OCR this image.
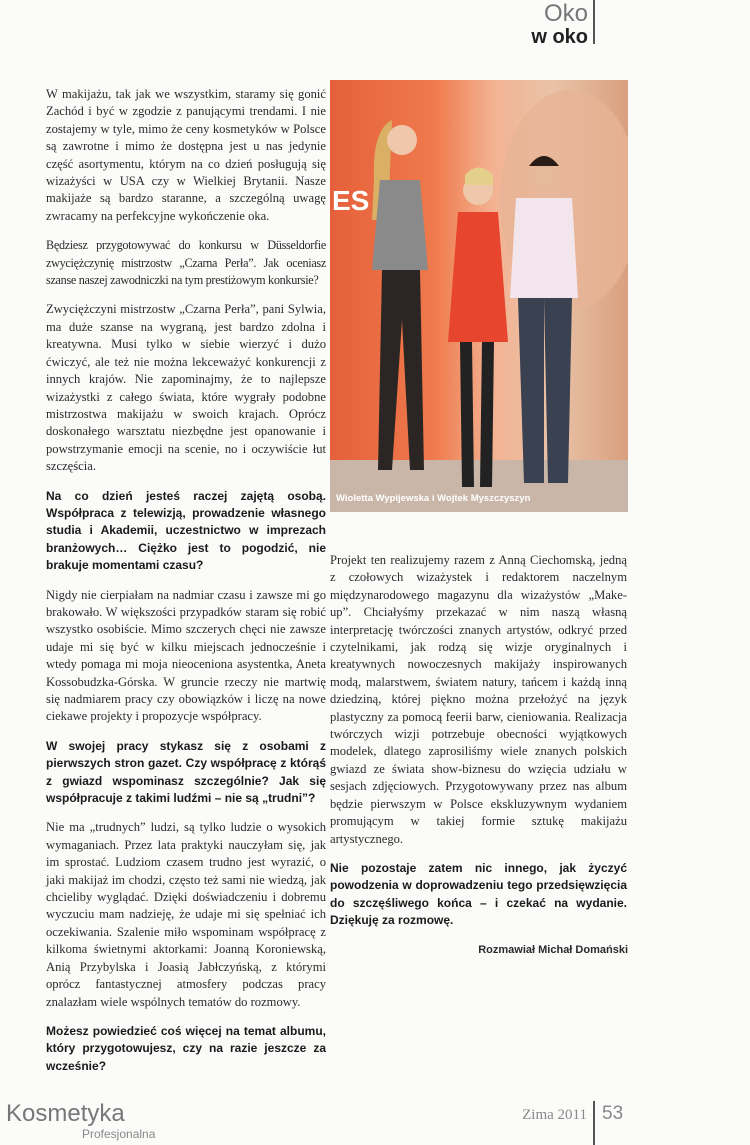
Oko
w oko

W makijażu, tak jak we wszystkim, staramy się gonić Zachód i być w zgodzie z panującymi trendami. I nie zostajemy w tyle, mimo że ceny kosmetyków w Polsce są zawrotne i mimo że dostępna jest u nas jedynie część asortymentu, którym na co dzień posługują się wizażyści w USA czy w Wielkiej Brytanii. Nasze makijaże są bardzo staranne, a szczególną uwagę zwracamy na perfekcyjne wykończenie oka.

Będziesz przygotowywać do konkursu w Düsseldorfie zwyciężczynię mistrzostw „Czarna Perła”. Jak oceniasz szanse naszej zawodniczki na tym prestiżowym konkursie?

Zwyciężczyni mistrzostw „Czarna Perła”, pani Sylwia, ma duże szanse na wygraną, jest bardzo zdolna i kreatywna. Musi tylko w siebie wierzyć i dużo ćwiczyć, ale też nie można lekceważyć konkurencji z innych krajów. Nie zapominajmy, że to najlepsze wizażystki z całego świata, które wygrały podobne mistrzostwa makijażu w swoich krajach. Oprócz doskonałego warsztatu niezbędne jest opanowanie i powstrzymanie emocji na scenie, no i oczywiście łut szczęścia.

Na co dzień jesteś raczej zajętą osobą. Współpraca z telewizją, prowadzenie własnego studia i Akademii, uczestnictwo w imprezach branżowych… Ciężko jest to pogodzić, nie brakuje momentami czasu?

Nigdy nie cierpiałam na nadmiar czasu i zawsze mi go brakowało. W większości przypadków staram się robić wszystko osobiście. Mimo szczerych chęci nie zawsze udaje mi się być w kilku miejscach jednocześnie i wtedy pomaga mi moja nieoceniona asystentka, Aneta Kossobudzka-Górska. W gruncie rzeczy nie martwię się nadmiarem pracy czy obowiązków i liczę na nowe ciekawe projekty i propozycje współpracy.

W swojej pracy stykasz się z osobami z pierwszych stron gazet. Czy współpracę z którąś z gwiazd wspominasz szczególnie? Jak się współpracuje z takimi ludźmi – nie są „trudni”?

Nie ma „trudnych” ludzi, są tylko ludzie o wysokich wymaganiach. Przez lata praktyki nauczyłam się, jak im sprostać. Ludziom czasem trudno jest wyrazić, o jaki makijaż im chodzi, często też sami nie wiedzą, jak chcieliby wyglądać. Dzięki doświadczeniu i dobremu wyczuciu mam nadzieję, że udaje mi się spełniać ich oczekiwania. Szalenie miło wspominam współpracę z kilkoma świetnymi aktorkami: Joanną Koroniewską, Anią Przybylska i Joasią Jabłczyńską, z którymi oprócz fantastycznej atmosfery podczas pracy znalazłam wiele wspólnych tematów do rozmowy.

Możesz powiedzieć coś więcej na temat albumu, który przygotowujesz, czy na razie jeszcze za wcześnie?

ES
Wioletta Wypijewska i Wojtek Myszczyszyn

Projekt ten realizujemy razem z Anną Ciechomską, jedną z czołowych wizażystek i redaktorem naczelnym międzynarodowego magazynu dla wizażystów „Make-up”. Chciałyśmy przekazać w nim naszą własną interpretację twórczości znanych artystów, odkryć przed czytelnikami, jak rodzą się wizje oryginalnych i kreatywnych nowoczesnych makijaży inspirowanych modą, malarstwem, światem natury, tańcem i każdą inną dziedziną, której piękno można przełożyć na język plastyczny za pomocą feerii barw, cieniowania. Realizacja twórczych wizji potrzebuje obecności wyjątkowych modelek, dlatego zaprosiliśmy wiele znanych polskich gwiazd ze świata show-biznesu do wzięcia udziału w sesjach zdjęciowych. Przygotowywany przez nas album będzie pierwszym w Polsce ekskluzywnym wydaniem promującym w takiej formie sztukę makijażu artystycznego.

Nie pozostaje zatem nic innego, jak życzyć powodzenia w doprowadzeniu tego przedsięwzięcia do szczęśliwego końca – i czekać na wydanie. Dziękuję za rozmowę.

Rozmawiał Michał Domański
Kosmetyka
Profesjonalna
Zima 2011 53
